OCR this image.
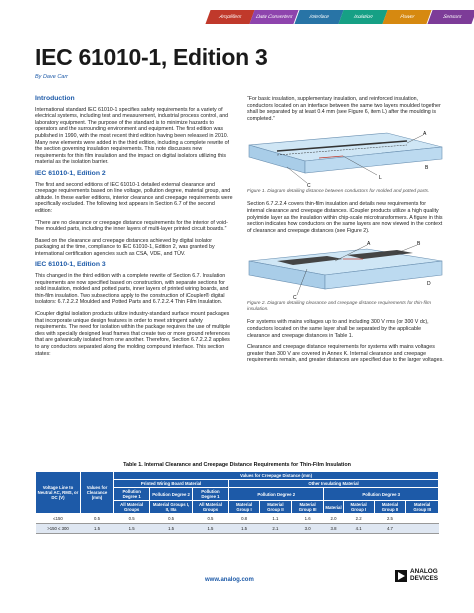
Amplifiers	Data Converters	Interface	Isolation	Power	Sensors
IEC 61010-1, Edition 3
By Dave Carr
Introduction

International standard IEC 61010-1 specifies safety requirements for a variety of electrical systems, including test and measurement, industrial process control, and laboratory equipment. The purpose of the standard is to minimize hazards to operators and the surrounding environment and equipment. The first edition was published in 1990, with the most recent third edition having been released in 2010. Many new elements were added in the third edition, including a complete rewrite of the section governing insulation requirements. This note discusses new requirements for thin film insulation and the impact on digital isolators utilizing this material as the isolation barrier.

IEC 61010-1, Edition 2

The first and second editions of IEC 61010-1 detailed external clearance and creepage requirements based on line voltage, pollution degree, material group, and altitude. In these earlier editions, interior clearance and creepage requirements were specifically excluded. The following text appears in Section 6.7 of the second edition:

“There are no clearance or creepage distance requirements for the interior of void-free moulded parts, including the inner layers of multi-layer printed circuit boards.”

Based on the clearance and creepage distances achieved by digital isolator packaging at the time, compliance to IEC 61010-1, Edition 2, was granted by international certification agencies such as CSA, VDE, and TÜV.

IEC 61010-1, Edition 3

This changed in the third edition with a complete rewrite of Section 6.7. Insulation requirements are now specified based on construction, with separate sections for solid insulation, molded and potted parts, inner layers of printed wiring boards, and thin-film insulation. Two subsections apply to the construction of iCoupler® digital isolators: 6.7.2.2.2 Moulded and Potted Parts and 6.7.2.2.4 Thin Film Insulation.

iCoupler digital isolation products utilize industry-standard surface mount packages that incorporate unique design features in order to meet stringent safety requirements. The need for isolation within the package requires the use of multiple dies with specially designed lead frames that create two or more ground references that are galvanically isolated from one another. Therefore, Section 6.7.2.2.2 applies to any conductors separated along the molding compound interface. This section states:

“For basic insulation, supplementary insulation, and reinforced insulation, conductors located on an interface between the same two layers moulded together shall be separated by at least 0.4 mm (see Figure 6, item L) after the moulding is completed.”

A
L
B
C
Figure 1. Diagram detailing distance between conductors for molded and potted parts.

Section 6.7.2.2.4 covers thin-film insulation and details new requirements for internal clearance and creepage distances. iCoupler products utilize a high quality polyimide layer as the insulation within chip-scale microtransformers. A figure in this section indicates how conductors on the same layers are now viewed in the context of clearance and creepage distances (see Figure 2).

A	B
C
D
Figure 2. Diagram detailing clearance and creepage distance requirements for thin-film insulation.

For systems with mains voltages up to and including 300 V rms (or 300 V dc), conductors located on the same layer shall be separated by the applicable clearance and creepage distances in Table 1.

Clearance and creepage distance requirements for systems with mains voltages greater than 300 V are covered in Annex K. Internal clearance and creepage requirements remain, and greater distances are specified due to the larger voltages.

Table 1. Internal Clearance and Creepage Distance Requirements for Thin-Film Insulation
Voltage Line to Neutral AC, RMS, or DC (V)	Values for Clearance (mm)	Values for Creepage Distance (mm)									
		Printed Wiring Board Material			Other Insulating Material						
		Pollution Degree 1	Pollution Degree 2	Pollution Degree 1	Pollution Degree 2			Pollution Degree 3			
		All Material Groups	Material Groups I, II, IIIa	All Material Groups	Material Group I	Material Group II	Material Group III	Material	Material Group I	Material Group II	Material Group III
≤150	0.5	0.5	0.5	0.5	0.8	1.1	1.6	2.0	2.2	2.5	
>150 ≤ 300	1.5	1.5	1.5	1.5	1.5	2.1	3.0	3.8	4.1	4.7	
www.analog.com
ANALOG
DEVICES
